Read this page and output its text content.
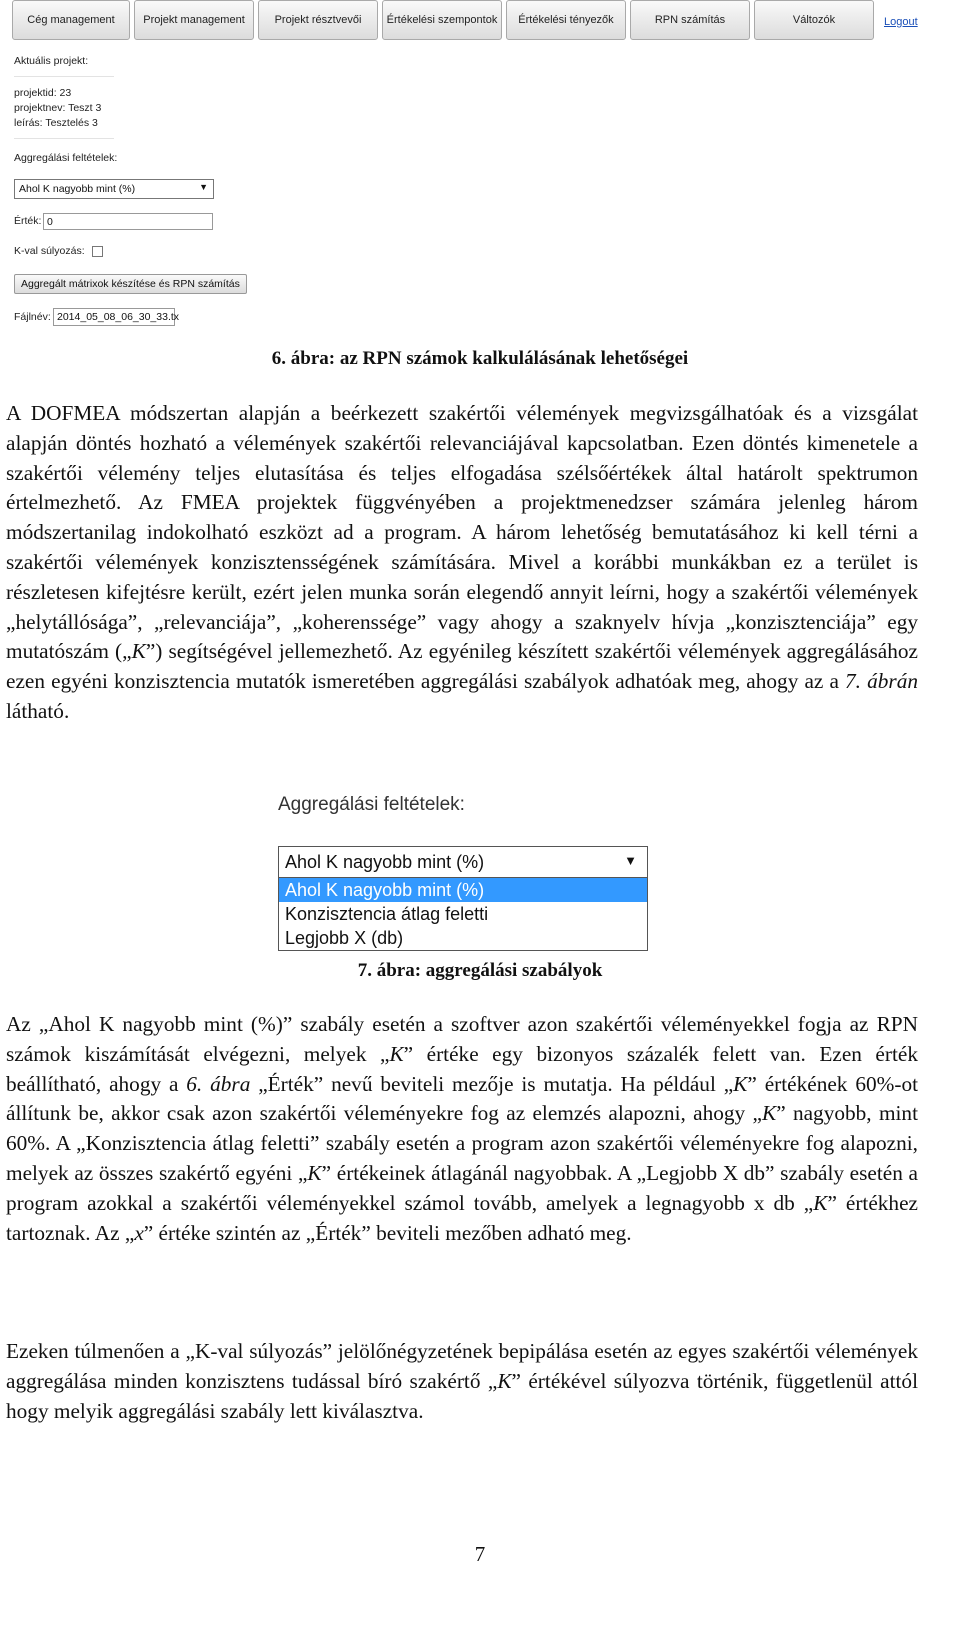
Cég management	Projekt management	Projekt résztvevői	Értékelési szempontok	Értékelési tényezők	RPN számítás	Változók	Logout
Aktuális projekt:
projektid: 23
projektnev: Teszt 3
leírás: Tesztelés 3
Aggregálási feltételek:
Ahol K nagyobb mint (%)	▼
Érték: 0
K-val súlyozás:
Aggregált mátrixok készítése és RPN számítás
Fájlnév: 2014_05_08_06_30_33.tx
6. ábra: az RPN számok kalkulálásának lehetőségei

A DOFMEA módszertan alapján a beérkezett szakértői vélemények megvizsgálhatóak és a vizsgálat alapján döntés hozható a vélemények szakértői relevanciájával kapcsolatban. Ezen döntés kimenetele a szakértői vélemény teljes elutasítása és teljes elfogadása szélsőértékek által határolt spektrumon értelmezhető. Az FMEA projektek függvényében a projektmenedzser számára jelenleg három módszertanilag indokolható eszközt ad a program. A három lehetőség bemutatásához ki kell térni a szakértői vélemények konzisztensségének számítására. Mivel a korábbi munkákban ez a terület is részletesen kifejtésre került, ezért jelen munka során elegendő annyit leírni, hogy a szakértői vélemények „helytállósága”, „relevanciája”, „koherenssége” vagy ahogy a szaknyelv hívja „konzisztenciája” egy mutatószám („K”) segítségével jellemezhető. Az egyénileg készített szakértői vélemények aggregálásához ezen egyéni konzisztencia mutatók ismeretében aggregálási szabályok adhatóak meg, ahogy az a 7. ábrán látható.

Aggregálási feltételek:
Ahol K nagyobb mint (%)	▼
Ahol K nagyobb mint (%)
Konzisztencia átlag feletti
Legjobb X (db)
7. ábra: aggregálási szabályok

Az „Ahol K nagyobb mint (%)” szabály esetén a szoftver azon szakértői véleményekkel fogja az RPN számok kiszámítását elvégezni, melyek „K” értéke egy bizonyos százalék felett van. Ezen érték beállítható, ahogy a 6. ábra „Érték” nevű beviteli mezője is mutatja. Ha például „K” értékének 60%-ot állítunk be, akkor csak azon szakértői véleményekre fog az elemzés alapozni, ahogy „K” nagyobb, mint 60%. A „Konzisztencia átlag feletti” szabály esetén a program azon szakértői véleményekre fog alapozni, melyek az összes szakértő egyéni „K” értékeinek átlagánál nagyobbak. A „Legjobb X db” szabály esetén a program azokkal a szakértői véleményekkel számol tovább, amelyek a legnagyobb x db „K” értékhez tartoznak. Az „x” értéke szintén az „Érték” beviteli mezőben adható meg.

Ezeken túlmenően a „K-val súlyozás” jelölőnégyzetének bepipálása esetén az egyes szakértői vélemények aggregálása minden konzisztens tudással bíró szakértő „K” értékével súlyozva történik, függetlenül attól hogy melyik aggregálási szabály lett kiválasztva.

7
